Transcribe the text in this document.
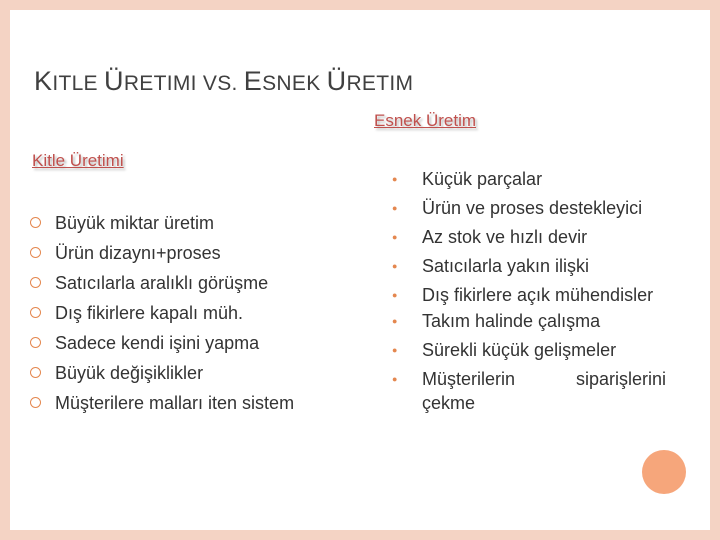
KITLE ÜRETIMI VS. ESNEK ÜRETIM
Esnek Üretim
Kitle Üretimi
Büyük miktar üretim
Ürün dizaynı+proses
Satıcılarla aralıklı görüşme
Dış fikirlere kapalı müh.
Sadece kendi işini yapma
Büyük değişiklikler
Müşterilere malları iten sistem
● Küçük parçalar
● Ürün ve proses destekleyici
● Az stok ve hızlı devir
● Satıcılarla yakın ilişki
● Dış fikirlere açık mühendisler
● Takım halinde çalışma
● Sürekli küçük gelişmeler
● Müşterilerin siparişlerini çekme
